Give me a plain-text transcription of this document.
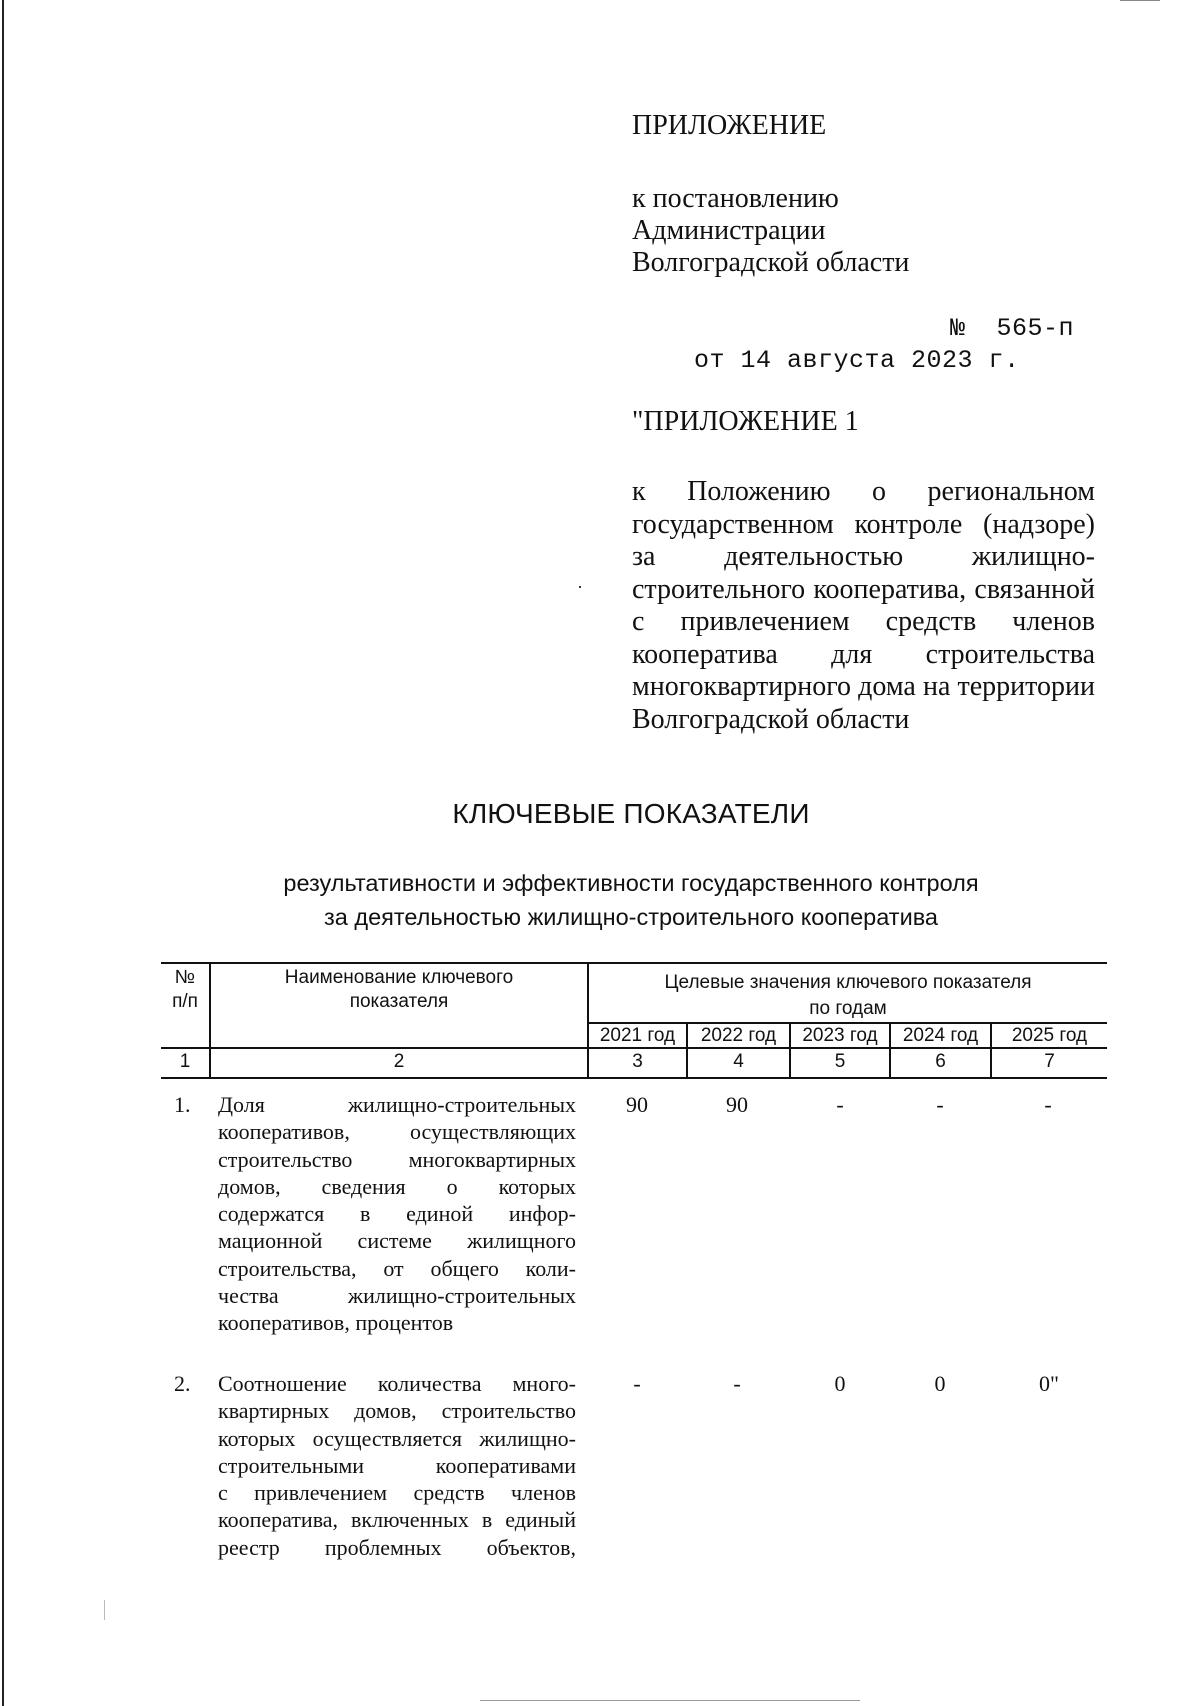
ПРИЛОЖЕНИЕ
к постановлению
Администрации
Волгоградской области

от 14 августа 2023 г.

№  565-п

"ПРИЛОЖЕНИЕ 1
к Положению о региональном
государственном контроле (надзоре)
за деятельностью жилищно-
строительного кооператива, связанной
с привлечением средств членов
кооператива для строительства
многоквартирного дома на территории
Волгоградской области
КЛЮЧЕВЫЕ ПОКАЗАТЕЛИ
результативности и эффективности государственного контроля
за деятельностью жилищно-строительного кооператива
№
п/п
Наименование ключевого
показателя
Целевые значения ключевого показателя
по годам
2021 год	2022 год	2023 год	2024 год	2025 год
1	2	3	4	5	6	7
1. Доля жилищно-строительных
кооперативов, осуществляющих
строительство многоквартирных
домов, сведения о которых
содержатся в единой инфор-
мационной системе жилищного
строительства, от общего коли-
чества жилищно-строительных
кооперативов, процентов
90	90	-	-	-
2. Соотношение количества много-
квартирных домов, строительство
которых осуществляется жилищно-
строительными кооперативами
с привлечением средств членов
кооператива, включенных в единый
реестр проблемных объектов,
-	-	0	0	0"
